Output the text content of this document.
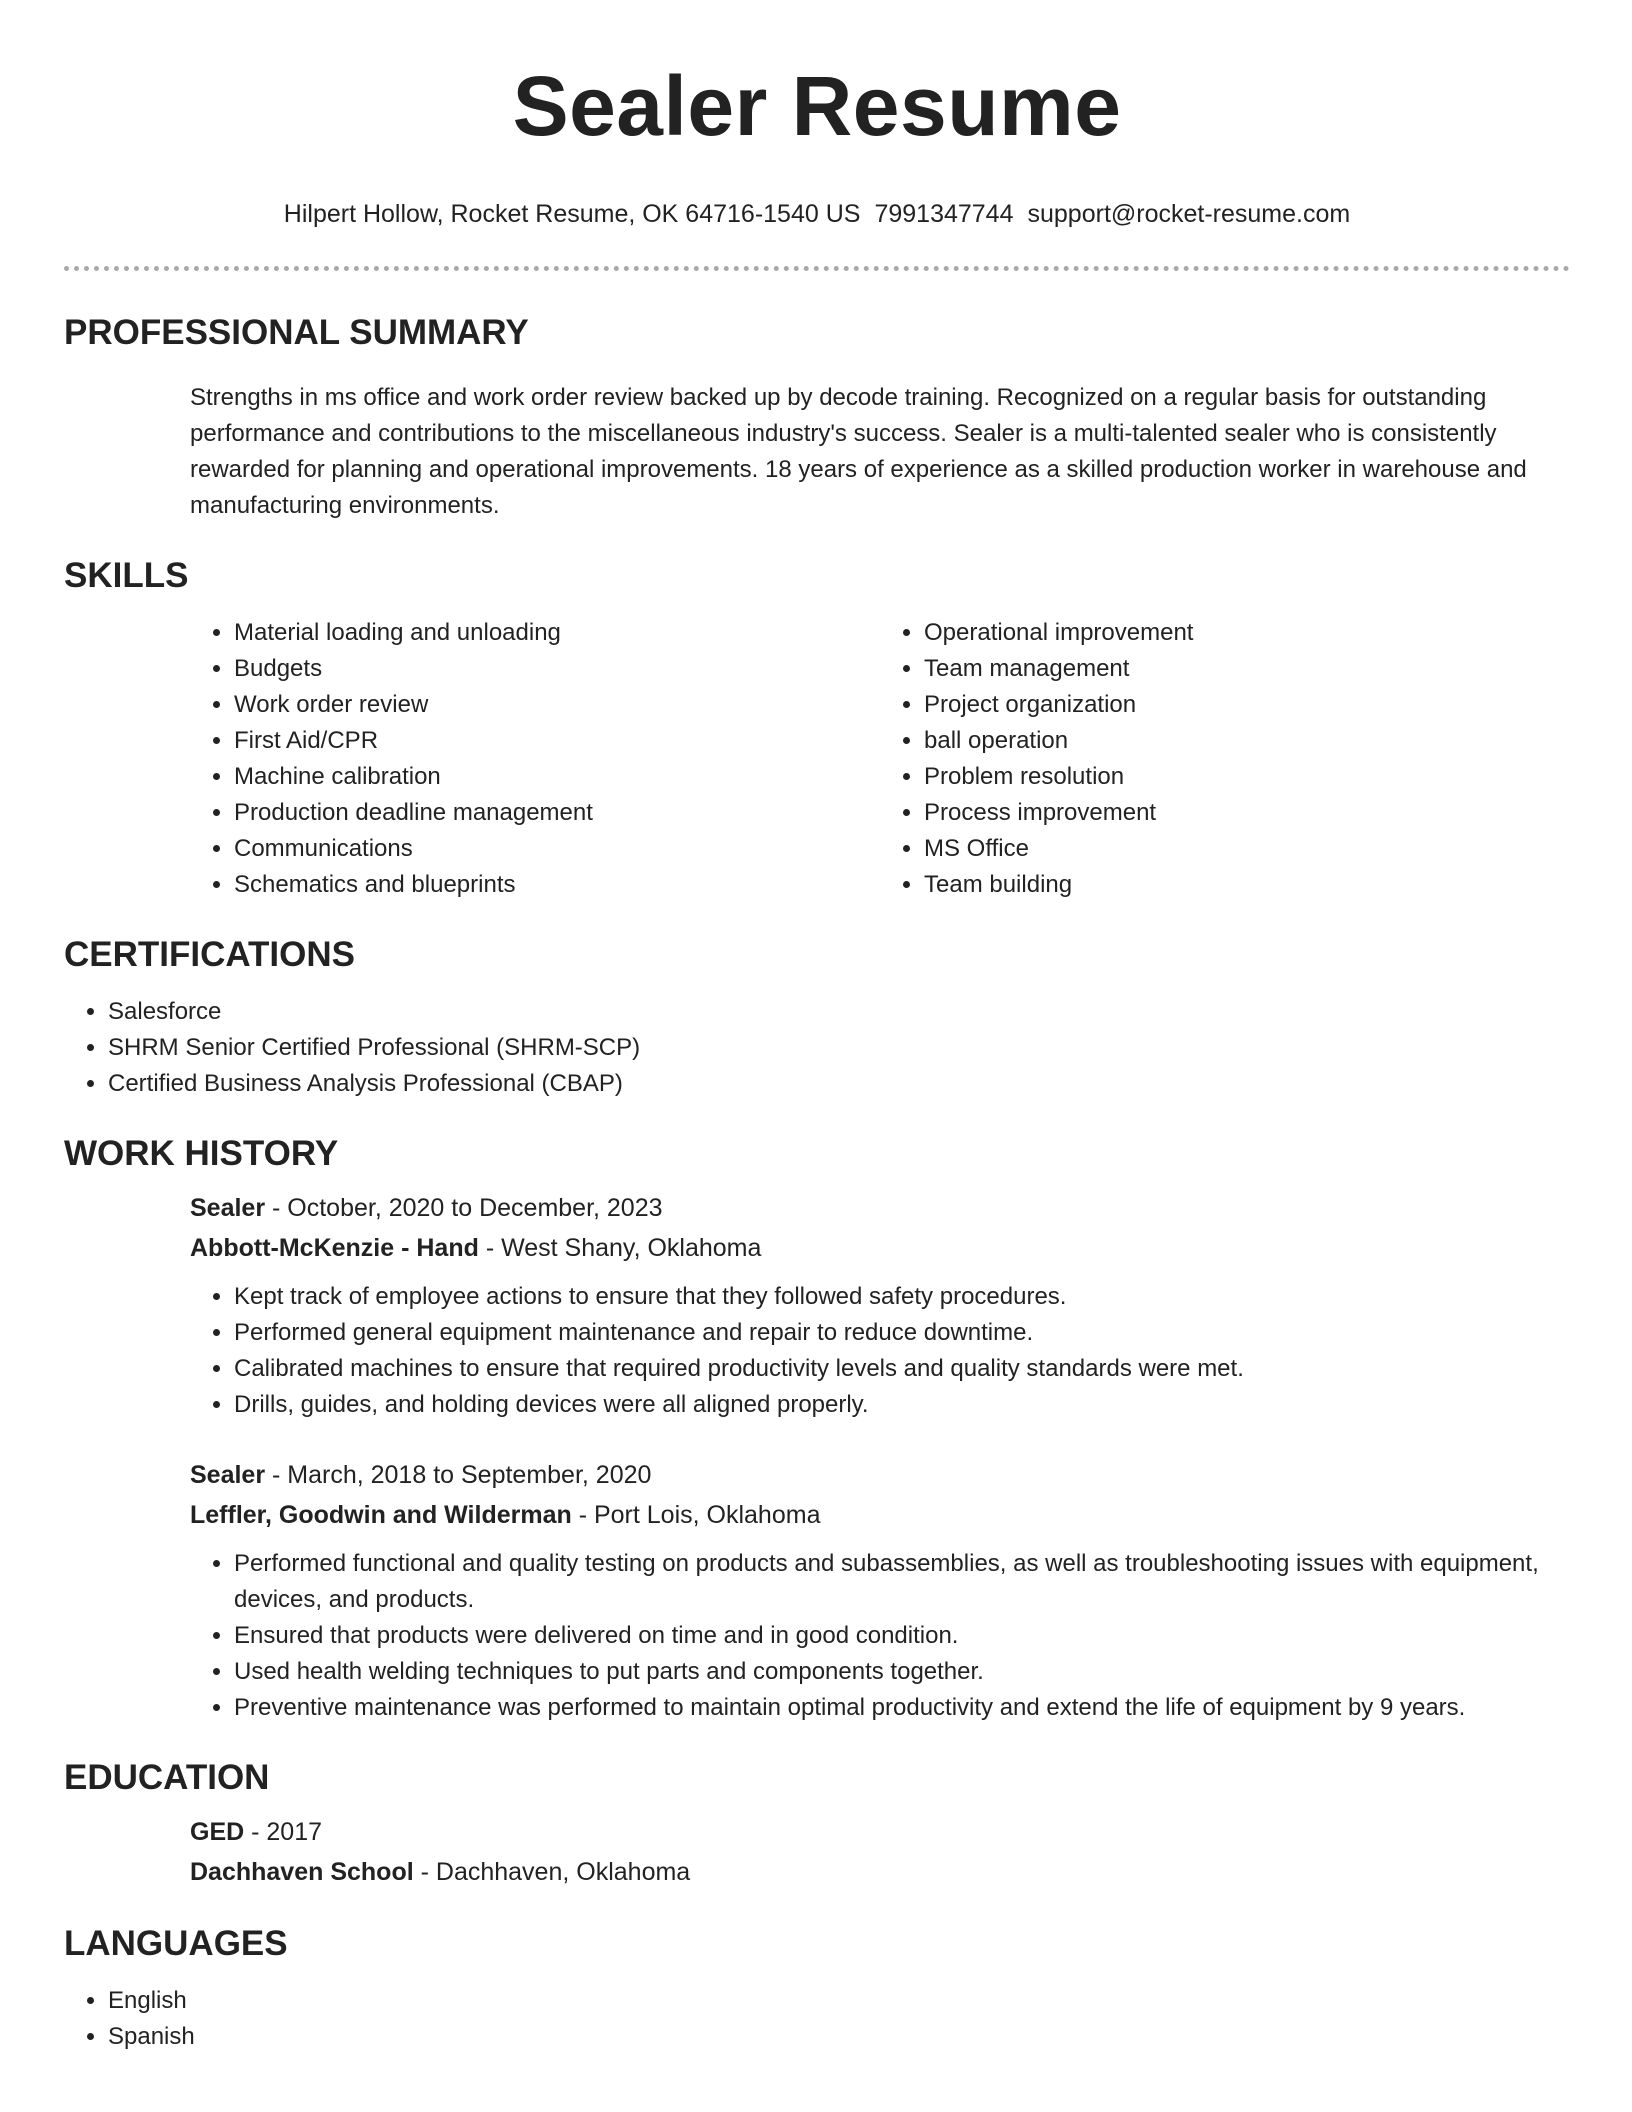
Sealer Resume
Hilpert Hollow, Rocket Resume, OK 64716-1540 US 7991347744 support@rocket-resume.com
PROFESSIONAL SUMMARY
Strengths in ms office and work order review backed up by decode training. Recognized on a regular basis for outstanding performance and contributions to the miscellaneous industry's success. Sealer is a multi-talented sealer who is consistently rewarded for planning and operational improvements. 18 years of experience as a skilled production worker in warehouse and manufacturing environments.
SKILLS
• Material loading and unloading
• Budgets
• Work order review
• First Aid/CPR
• Machine calibration
• Production deadline management
• Communications
• Schematics and blueprints
• Operational improvement
• Team management
• Project organization
• ball operation
• Problem resolution
• Process improvement
• MS Office
• Team building
CERTIFICATIONS
• Salesforce
• SHRM Senior Certified Professional (SHRM-SCP)
• Certified Business Analysis Professional (CBAP)
WORK HISTORY
Sealer - October, 2020 to December, 2023
Abbott-McKenzie - Hand - West Shany, Oklahoma
• Kept track of employee actions to ensure that they followed safety procedures.
• Performed general equipment maintenance and repair to reduce downtime.
• Calibrated machines to ensure that required productivity levels and quality standards were met.
• Drills, guides, and holding devices were all aligned properly.
Sealer - March, 2018 to September, 2020
Leffler, Goodwin and Wilderman - Port Lois, Oklahoma
• Performed functional and quality testing on products and subassemblies, as well as troubleshooting issues with equipment, devices, and products.
• Ensured that products were delivered on time and in good condition.
• Used health welding techniques to put parts and components together.
• Preventive maintenance was performed to maintain optimal productivity and extend the life of equipment by 9 years.
EDUCATION
GED - 2017
Dachhaven School - Dachhaven, Oklahoma
LANGUAGES
• English
• Spanish
